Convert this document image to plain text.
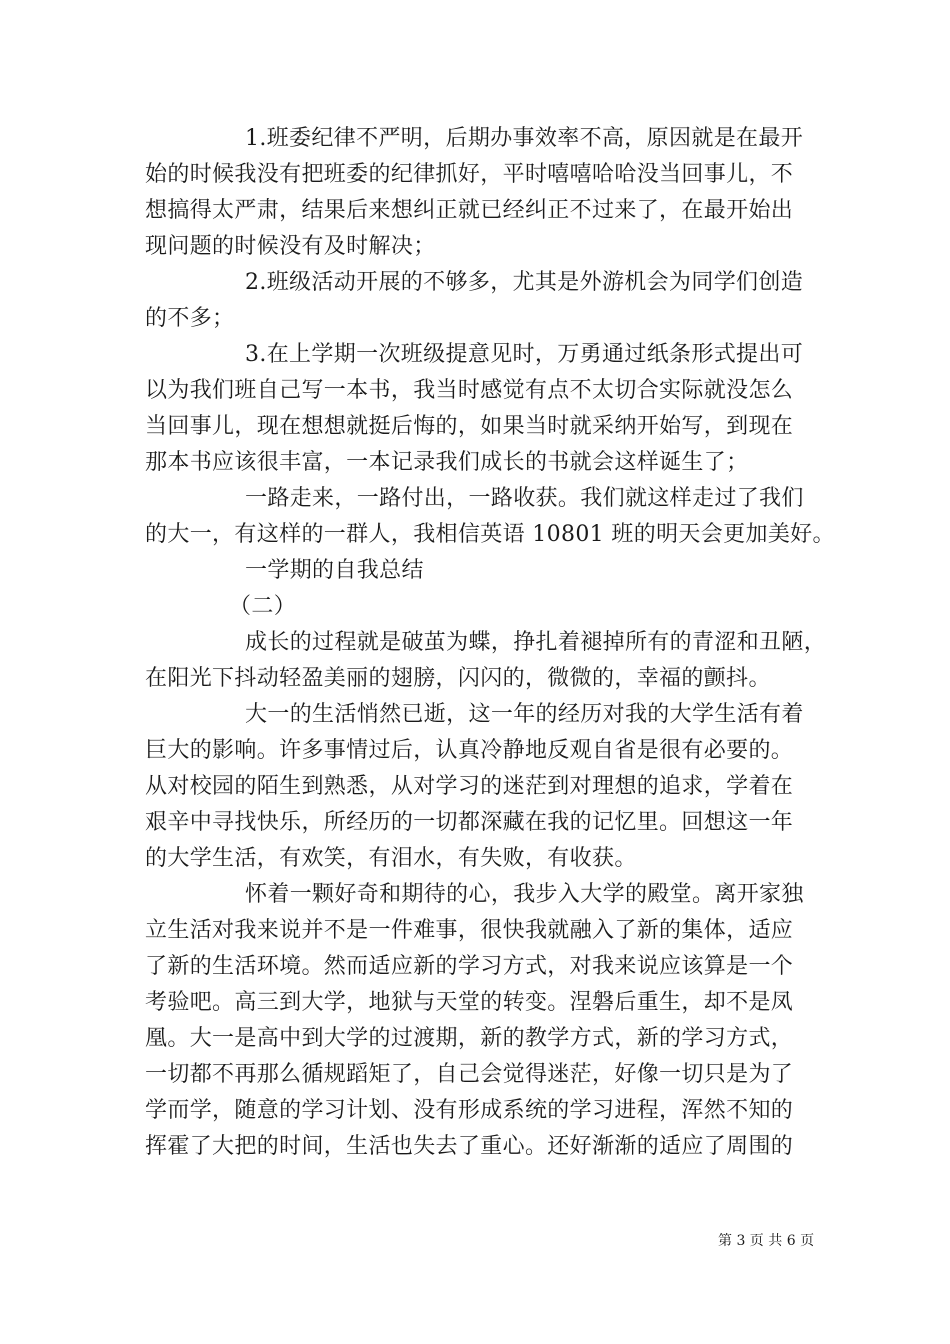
1.班委纪律不严明，后期办事效率不高，原因就是在最开
始的时候我没有把班委的纪律抓好，平时嘻嘻哈哈没当回事儿，不
想搞得太严肃，结果后来想纠正就已经纠正不过来了，在最开始出
现问题的时候没有及时解决；
2.班级活动开展的不够多，尤其是外游机会为同学们创造
的不多；
3.在上学期一次班级提意见时，万勇通过纸条形式提出可
以为我们班自己写一本书，我当时感觉有点不太切合实际就没怎么
当回事儿，现在想想就挺后悔的，如果当时就采纳开始写，到现在
那本书应该很丰富，一本记录我们成长的书就会这样诞生了；
一路走来，一路付出，一路收获。我们就这样走过了我们
的大一，有这样的一群人，我相信英语 10801 班的明天会更加美好。
一学期的自我总结
（二）
成长的过程就是破茧为蝶，挣扎着褪掉所有的青涩和丑陋，
在阳光下抖动轻盈美丽的翅膀，闪闪的，微微的，幸福的颤抖。
大一的生活悄然已逝，这一年的经历对我的大学生活有着
巨大的影响。许多事情过后，认真冷静地反观自省是很有必要的。
从对校园的陌生到熟悉，从对学习的迷茫到对理想的追求，学着在
艰辛中寻找快乐，所经历的一切都深藏在我的记忆里。回想这一年
的大学生活，有欢笑，有泪水，有失败，有收获。
怀着一颗好奇和期待的心，我步入大学的殿堂。离开家独
立生活对我来说并不是一件难事，很快我就融入了新的集体，适应
了新的生活环境。然而适应新的学习方式，对我来说应该算是一个
考验吧。高三到大学，地狱与天堂的转变。涅磐后重生，却不是凤
凰。大一是高中到大学的过渡期，新的教学方式，新的学习方式，
一切都不再那么循规蹈矩了，自己会觉得迷茫，好像一切只是为了
学而学，随意的学习计划、没有形成系统的学习进程，浑然不知的
挥霍了大把的时间，生活也失去了重心。还好渐渐的适应了周围的
第 3 页 共 6 页
